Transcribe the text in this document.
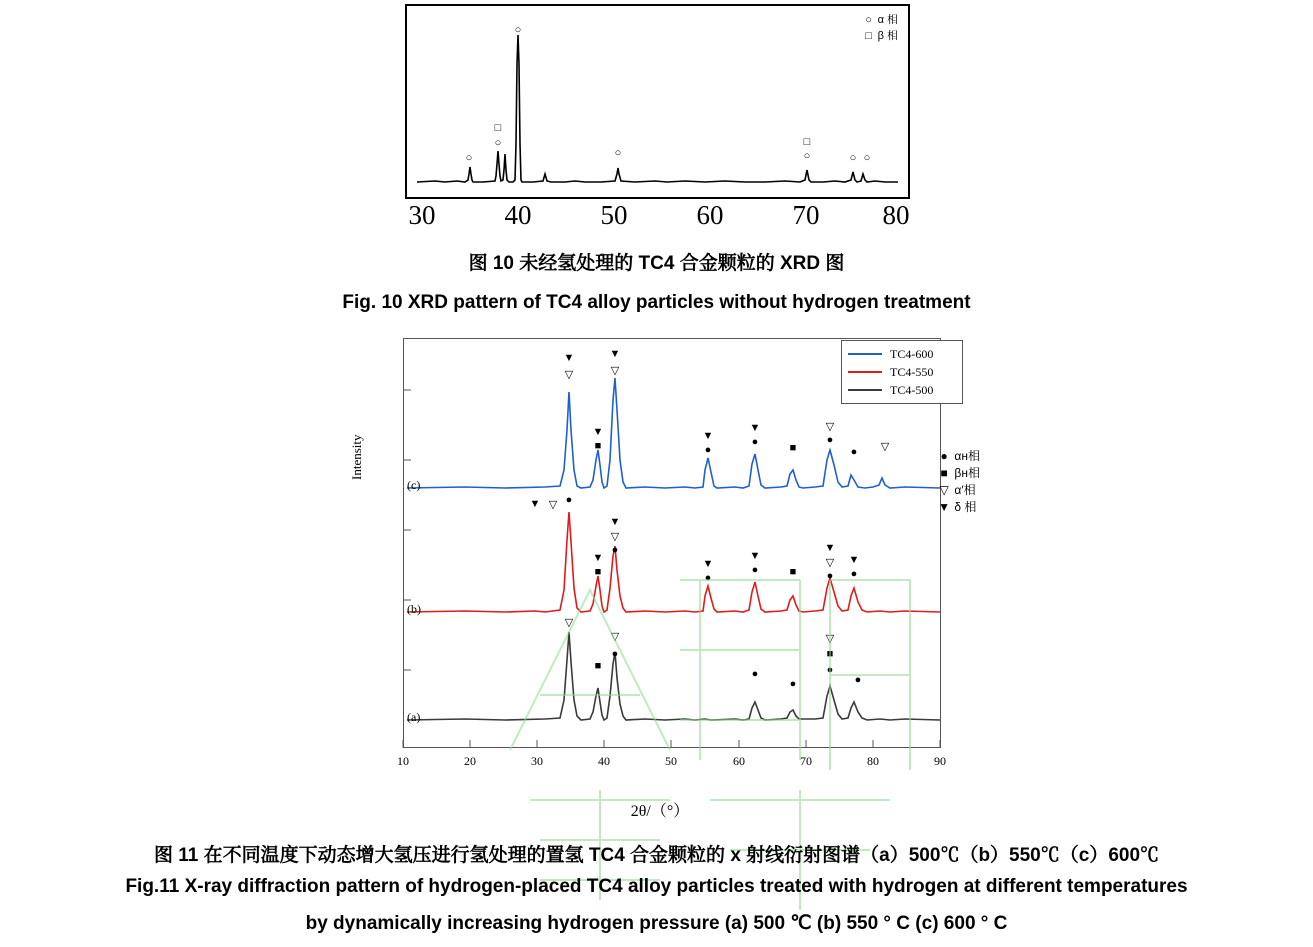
○
□
○
○
○
□
○	○ ○
○ α 相
□ β 相
30	40	50	60	70 80
图 10 未经氢处理的 TC4 合金颗粒的 XRD 图
Fig. 10 XRD pattern of TC4 alloy particles without hydrogen treatment
Intensity
(c)
(b)
(a)
▼
▽
▼
▽
▼
■
▼
●
▼
●	■
▽
●
● ▽
▼ ▽ ●
▼
■
▼
▽
●
▼
●
▼
●	■
▼
▽
●
▼
●
▽
■
▽
●
●
●
▽
■
●
●
TC4-600
TC4-550
TC4-500
● αн相
■ βн相
▽ α′相
▼ δ 相
10	20	30	40	50	60	70	80	90
2θ/（°）
图 11 在不同温度下动态增大氢压进行氢处理的置氢 TC4 合金颗粒的 x 射线衍射图谱（a）500℃（b）550℃（c）600℃
Fig.11 X-ray diffraction pattern of hydrogen-placed TC4 alloy particles treated with hydrogen at different temperatures
by dynamically increasing hydrogen pressure (a) 500 ℃ (b) 550 ° C (c) 600 ° C
